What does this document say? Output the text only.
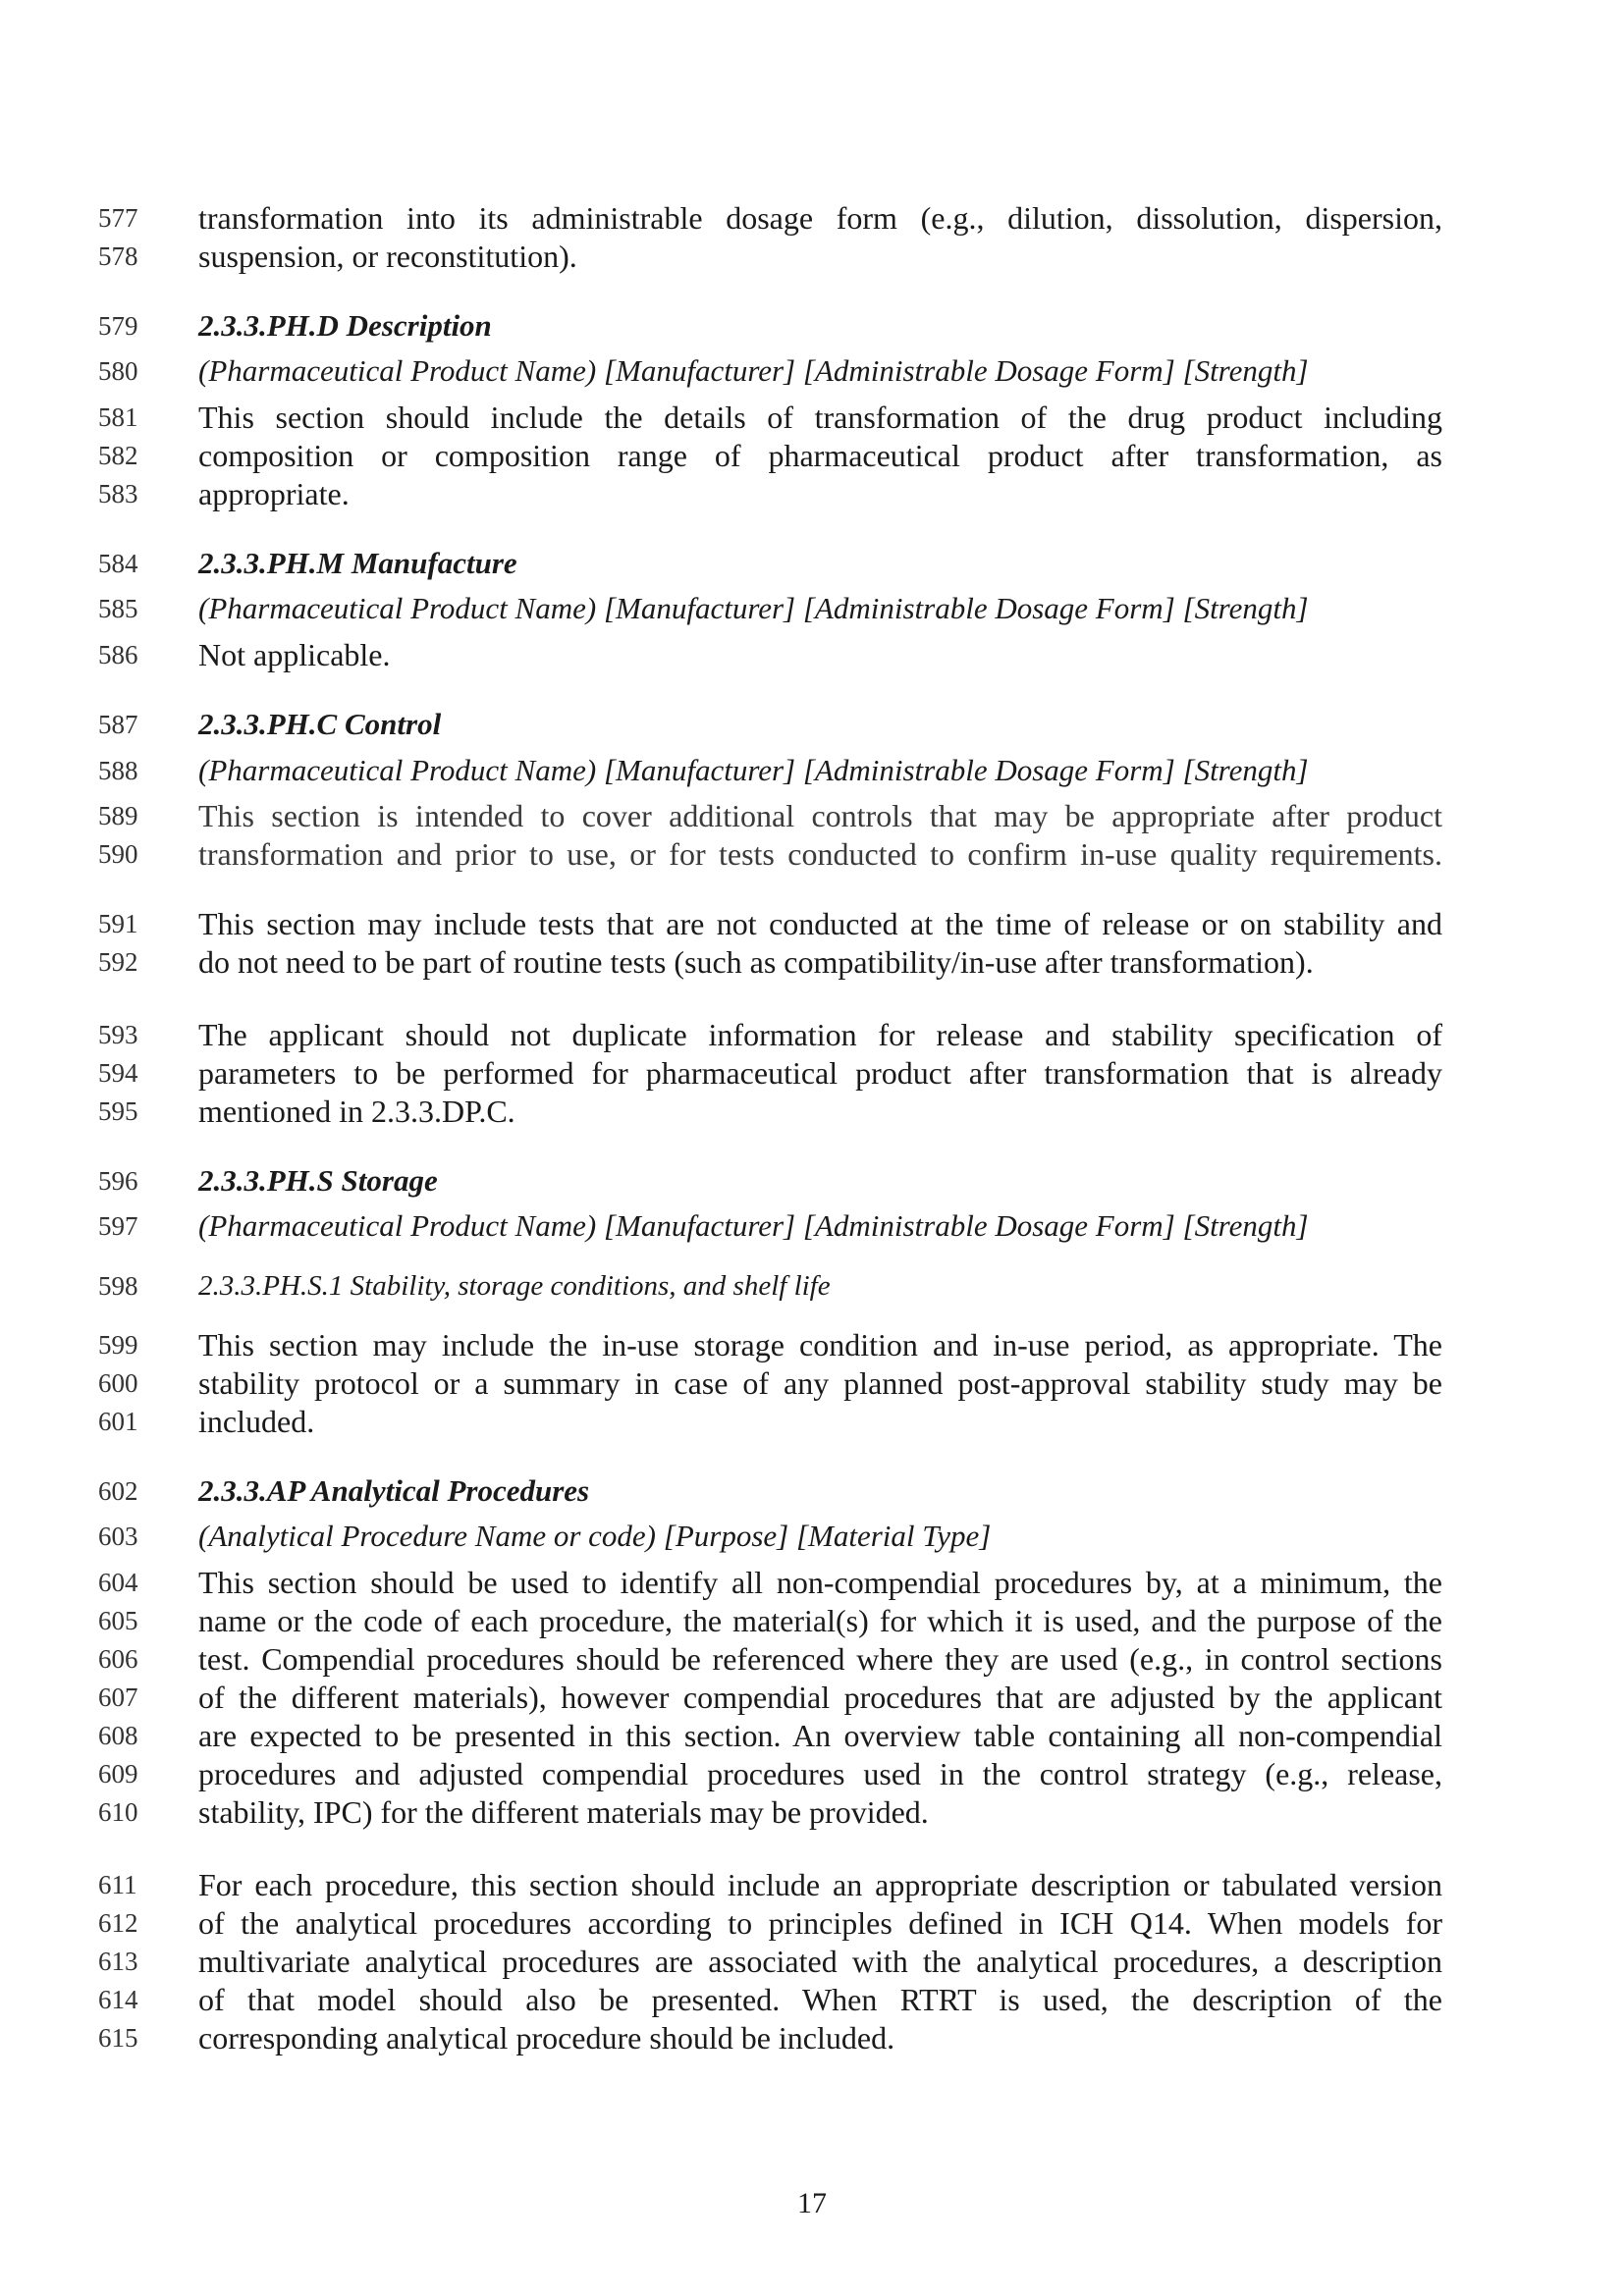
577	transformation into its administrable dosage form (e.g., dilution, dissolution, dispersion,
578	suspension, or reconstitution).
579	2.3.3.PH.D Description
580	(Pharmaceutical Product Name) [Manufacturer] [Administrable Dosage Form] [Strength]
581	This section should include the details of transformation of the drug product including
582	composition or composition range of pharmaceutical product after transformation, as
583	appropriate.
584	2.3.3.PH.M Manufacture
585	(Pharmaceutical Product Name) [Manufacturer] [Administrable Dosage Form] [Strength]
586	Not applicable.
587	2.3.3.PH.C Control
588	(Pharmaceutical Product Name) [Manufacturer] [Administrable Dosage Form] [Strength]
589	This section is intended to cover additional controls that may be appropriate after product
590	transformation and prior to use, or for tests conducted to confirm in-use quality requirements.
591	This section may include tests that are not conducted at the time of release or on stability and
592	do not need to be part of routine tests (such as compatibility/in-use after transformation).
593	The applicant should not duplicate information for release and stability specification of
594	parameters to be performed for pharmaceutical product after transformation that is already
595	mentioned in 2.3.3.DP.C.
596	2.3.3.PH.S Storage
597	(Pharmaceutical Product Name) [Manufacturer] [Administrable Dosage Form] [Strength]
598	2.3.3.PH.S.1 Stability, storage conditions, and shelf life
599	This section may include the in-use storage condition and in-use period, as appropriate. The
600	stability protocol or a summary in case of any planned post-approval stability study may be
601	included.
602	2.3.3.AP Analytical Procedures
603	(Analytical Procedure Name or code) [Purpose] [Material Type]
604	This section should be used to identify all non-compendial procedures by, at a minimum, the
605	name or the code of each procedure, the material(s) for which it is used, and the purpose of the
606	test. Compendial procedures should be referenced where they are used (e.g., in control sections
607	of the different materials), however compendial procedures that are adjusted by the applicant
608	are expected to be presented in this section. An overview table containing all non-compendial
609	procedures and adjusted compendial procedures used in the control strategy (e.g., release,
610	stability, IPC) for the different materials may be provided.
611	For each procedure, this section should include an appropriate description or tabulated version
612	of the analytical procedures according to principles defined in ICH Q14. When models for
613	multivariate analytical procedures are associated with the analytical procedures, a description
614	of that model should also be presented. When RTRT is used, the description of the
615	corresponding analytical procedure should be included.
17
